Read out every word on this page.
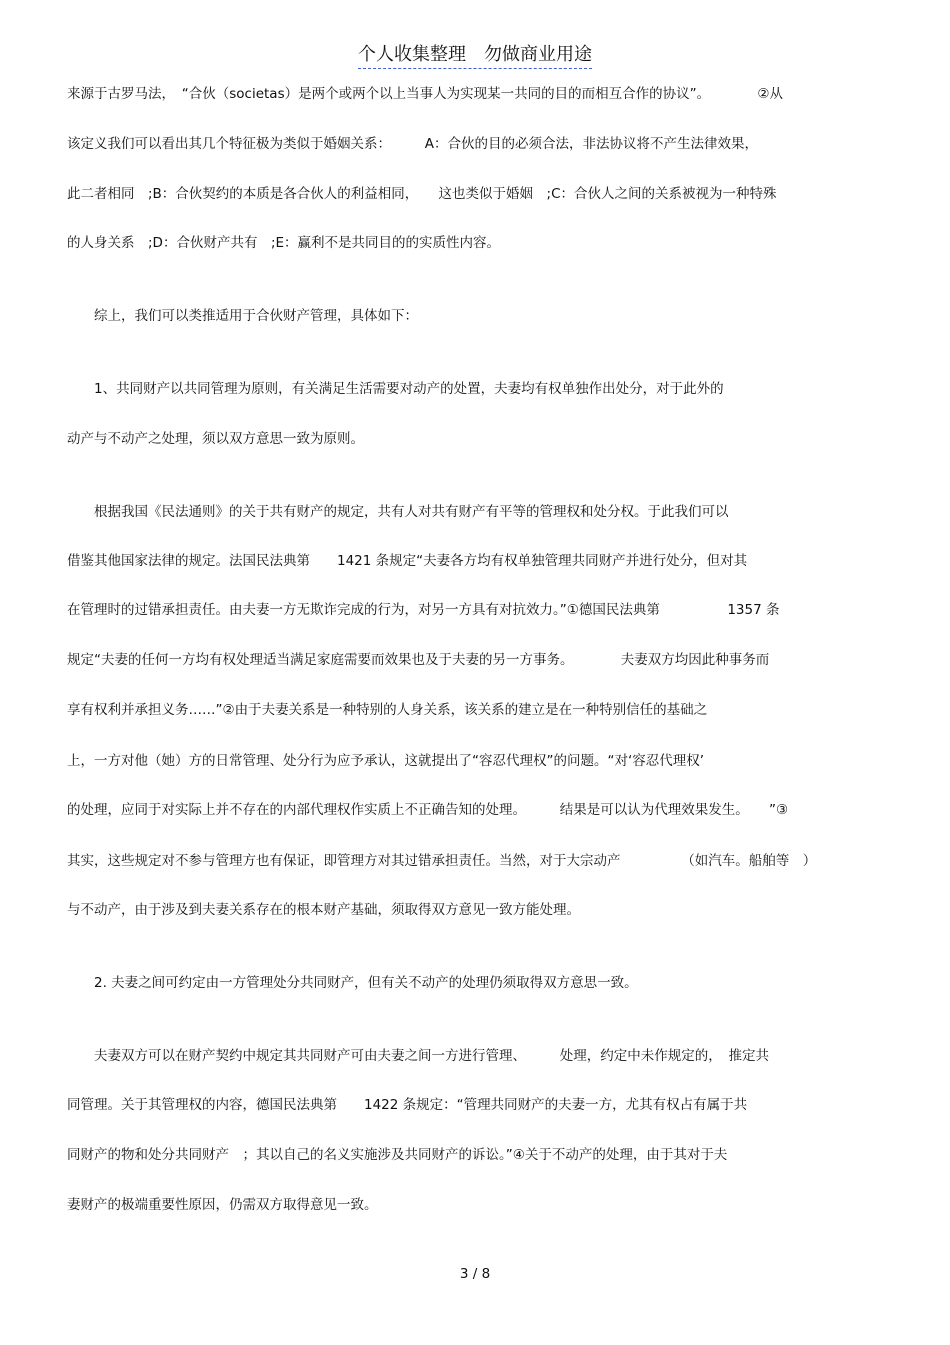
个人收集整理　勿做商业用途
来源于古罗马法，　“合伙（societas）是两个或两个以上当事人为实现某一共同的目的而相互合作的协议”。　　　　②从
该定义我们可以看出其几个特征极为类似于婚姻关系：　　　A：合伙的目的必须合法，非法协议将不产生法律效果，
此二者相同　;B：合伙契约的本质是各合伙人的利益相同，　　这也类似于婚姻　;C：合伙人之间的关系被视为一种特殊
的人身关系　;D：合伙财产共有　;E：赢利不是共同目的的实质性内容。
　　综上，我们可以类推适用于合伙财产管理，具体如下：
　　1、共同财产以共同管理为原则，有关满足生活需要对动产的处置，夫妻均有权单独作出处分，对于此外的
动产与不动产之处理，须以双方意思一致为原则。
　　根据我国《民法通则》的关于共有财产的规定，共有人对共有财产有平等的管理权和处分权。于此我们可以
借鉴其他国家法律的规定。法国民法典第　　1421 条规定“夫妻各方均有权单独管理共同财产并进行处分，但对其
在管理时的过错承担责任。由夫妻一方无欺诈完成的行为，对另一方具有对抗效力。”①德国民法典第　　　　　1357 条
规定“夫妻的任何一方均有权处理适当满足家庭需要而效果也及于夫妻的另一方事务。　　　　夫妻双方均因此种事务而
享有权利并承担义务……”②由于夫妻关系是一种特别的人身关系，该关系的建立是在一种特别信任的基础之
上，一方对他（她）方的日常管理、处分行为应予承认，这就提出了“容忍代理权”的问题。“对‘容忍代理权’
的处理，应同于对实际上并不存在的内部代理权作实质上不正确告知的处理。　　　结果是可以认为代理效果发生。　　”③
其实，这些规定对不参与管理方也有保证，即管理方对其过错承担责任。当然，对于大宗动产　　　　　（如汽车。船舶等　）
与不动产，由于涉及到夫妻关系存在的根本财产基础，须取得双方意见一致方能处理。
　　2. 夫妻之间可约定由一方管理处分共同财产，但有关不动产的处理仍须取得双方意思一致。
　　夫妻双方可以在财产契约中规定其共同财产可由夫妻之间一方进行管理、　　　处理，约定中未作规定的，　推定共
同管理。关于其管理权的内容，德国民法典第　　1422 条规定：“管理共同财产的夫妻一方，尤其有权占有属于共
同财产的物和处分共同财产　；其以自己的名义实施涉及共同财产的诉讼。”④关于不动产的处理，由于其对于夫
妻财产的极端重要性原因，仍需双方取得意见一致。
3 / 8
